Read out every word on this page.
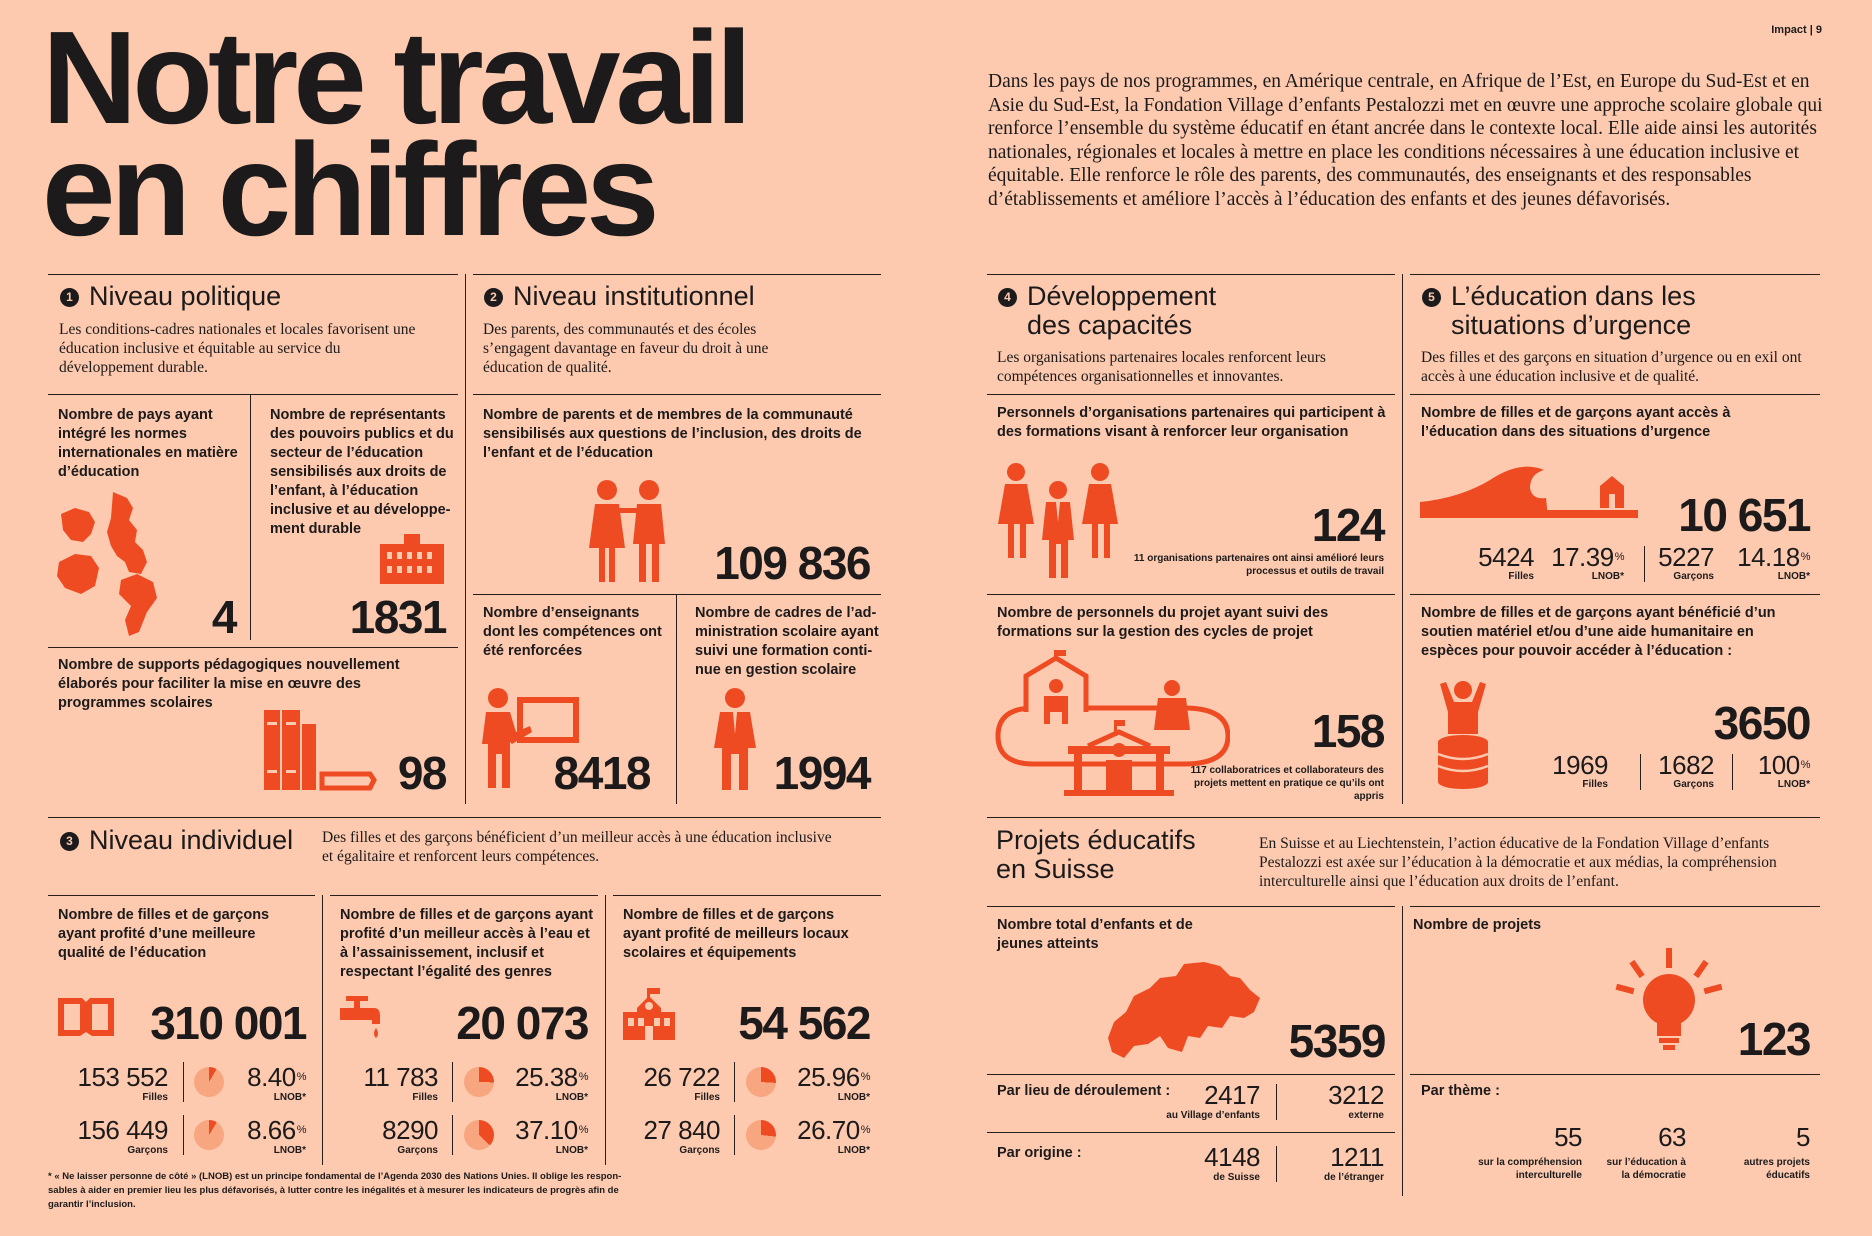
Impact | 9
Notre travail
en chiffres
Dans les pays de nos programmes, en Amérique centrale, en Afrique de l’Est, en Europe du Sud-Est et en Asie du Sud-Est, la Fondation Village d’enfants Pestalozzi met en œuvre une approche scolaire globale qui renforce l’ensemble du système éducatif en étant ancrée dans le contexte local. Elle aide ainsi les autorités nationales, régionales et locales à mettre en place les conditions nécessaires à une éducation inclusive et équitable. Elle renforce le rôle des parents, des communautés, des enseignants et des responsables d’établissements et améliore l’accès à l’éducation des enfants et des jeunes défavorisés.
1 Niveau politique
Les conditions-cadres nationales et locales favorisent une éducation inclusive et équitable au service du développement durable.
Nombre de pays ayant intégré les normes internationales en matière d’éducation
4
Nombre de représentants des pouvoirs publics et du secteur de l’éducation sensibilisés aux droits de l’enfant, à l’éducation inclusive et au développe- ment durable
1831
Nombre de supports pédagogiques nouvellement élaborés pour faciliter la mise en œuvre des programmes scolaires
98
2 Niveau institutionnel
Des parents, des communautés et des écoles s’engagent davantage en faveur du droit à une éducation de qualité.
Nombre de parents et de membres de la communauté sensibilisés aux questions de l’inclusion, des droits de l’enfant et de l’éducation
109 836
Nombre d’enseignants dont les compétences ont été renforcées
8418
Nombre de cadres de l’ad- ministration scolaire ayant suivi une formation conti- nue en gestion scolaire
1994
3 Niveau individuel Des filles et des garçons bénéficient d’un meilleur accès à une éducation inclusive et égalitaire et renforcent leurs compétences.
Nombre de filles et de garçons ayant profité d’une meilleure qualité de l’éducation
310 001
153 552
Filles
8.40%
LNOB*
156 449
Garçons
8.66%
LNOB*
Nombre de filles et de garçons ayant profité d’un meilleur accès à l’eau et à l’assainissement, inclusif et respectant l’égalité des genres
20 073
11 783
Filles
25.38%
LNOB*
8290
Garçons
37.10%
LNOB*
Nombre de filles et de garçons ayant profité de meilleurs locaux scolaires et équipements
54 562
26 722
Filles
25.96%
LNOB*
27 840
Garçons
26.70%
LNOB*
* « Ne laisser personne de côté » (LNOB) est un principe fondamental de l’Agenda 2030 des Nations Unies. Il oblige les respon- sables à aider en premier lieu les plus défavorisés, à lutter contre les inégalités et à mesurer les indicateurs de progrès afin de garantir l’inclusion.
4 Développement
des capacités
Les organisations partenaires locales renforcent leurs compétences organisationnelles et innovantes.
Personnels d’organisations partenaires qui participent à des formations visant à renforcer leur organisation
124
11 organisations partenaires ont ainsi amélioré leurs processus et outils de travail
Nombre de personnels du projet ayant suivi des formations sur la gestion des cycles de projet
158
117 collaboratrices et collaborateurs des projets mettent en pratique ce qu’ils ont appris
5 L’éducation dans les
situations d’urgence
Des filles et des garçons en situation d’urgence ou en exil ont accès à une éducation inclusive et de qualité.
Nombre de filles et de garçons ayant accès à l’éducation dans des situations d’urgence
10 651
5424
Filles
17.39%
LNOB*
5227
Garçons
14.18%
LNOB*
Nombre de filles et de garçons ayant bénéficié d’un soutien matériel et/ou d’une aide humanitaire en espèces pour pouvoir accéder à l’éducation :
3650
1969
Filles
1682
Garçons
100%
LNOB*
Projets éducatifs
en Suisse
En Suisse et au Liechtenstein, l’action éducative de la Fondation Village d’enfants Pestalozzi est axée sur l’éducation à la démocratie et aux médias, la compréhension interculturelle ainsi que l’éducation aux droits de l’enfant.
Nombre total d’enfants et de jeunes atteints
5359
Par lieu de déroulement :	2417
au Village d’enfants
3212
externe
Par origine :	4148
de Suisse
1211
de l’étranger
Nombre de projets
123
Par thème :
55
sur la compréhension interculturelle
63
sur l’éducation à la démocratie
5
autres projets éducatifs
